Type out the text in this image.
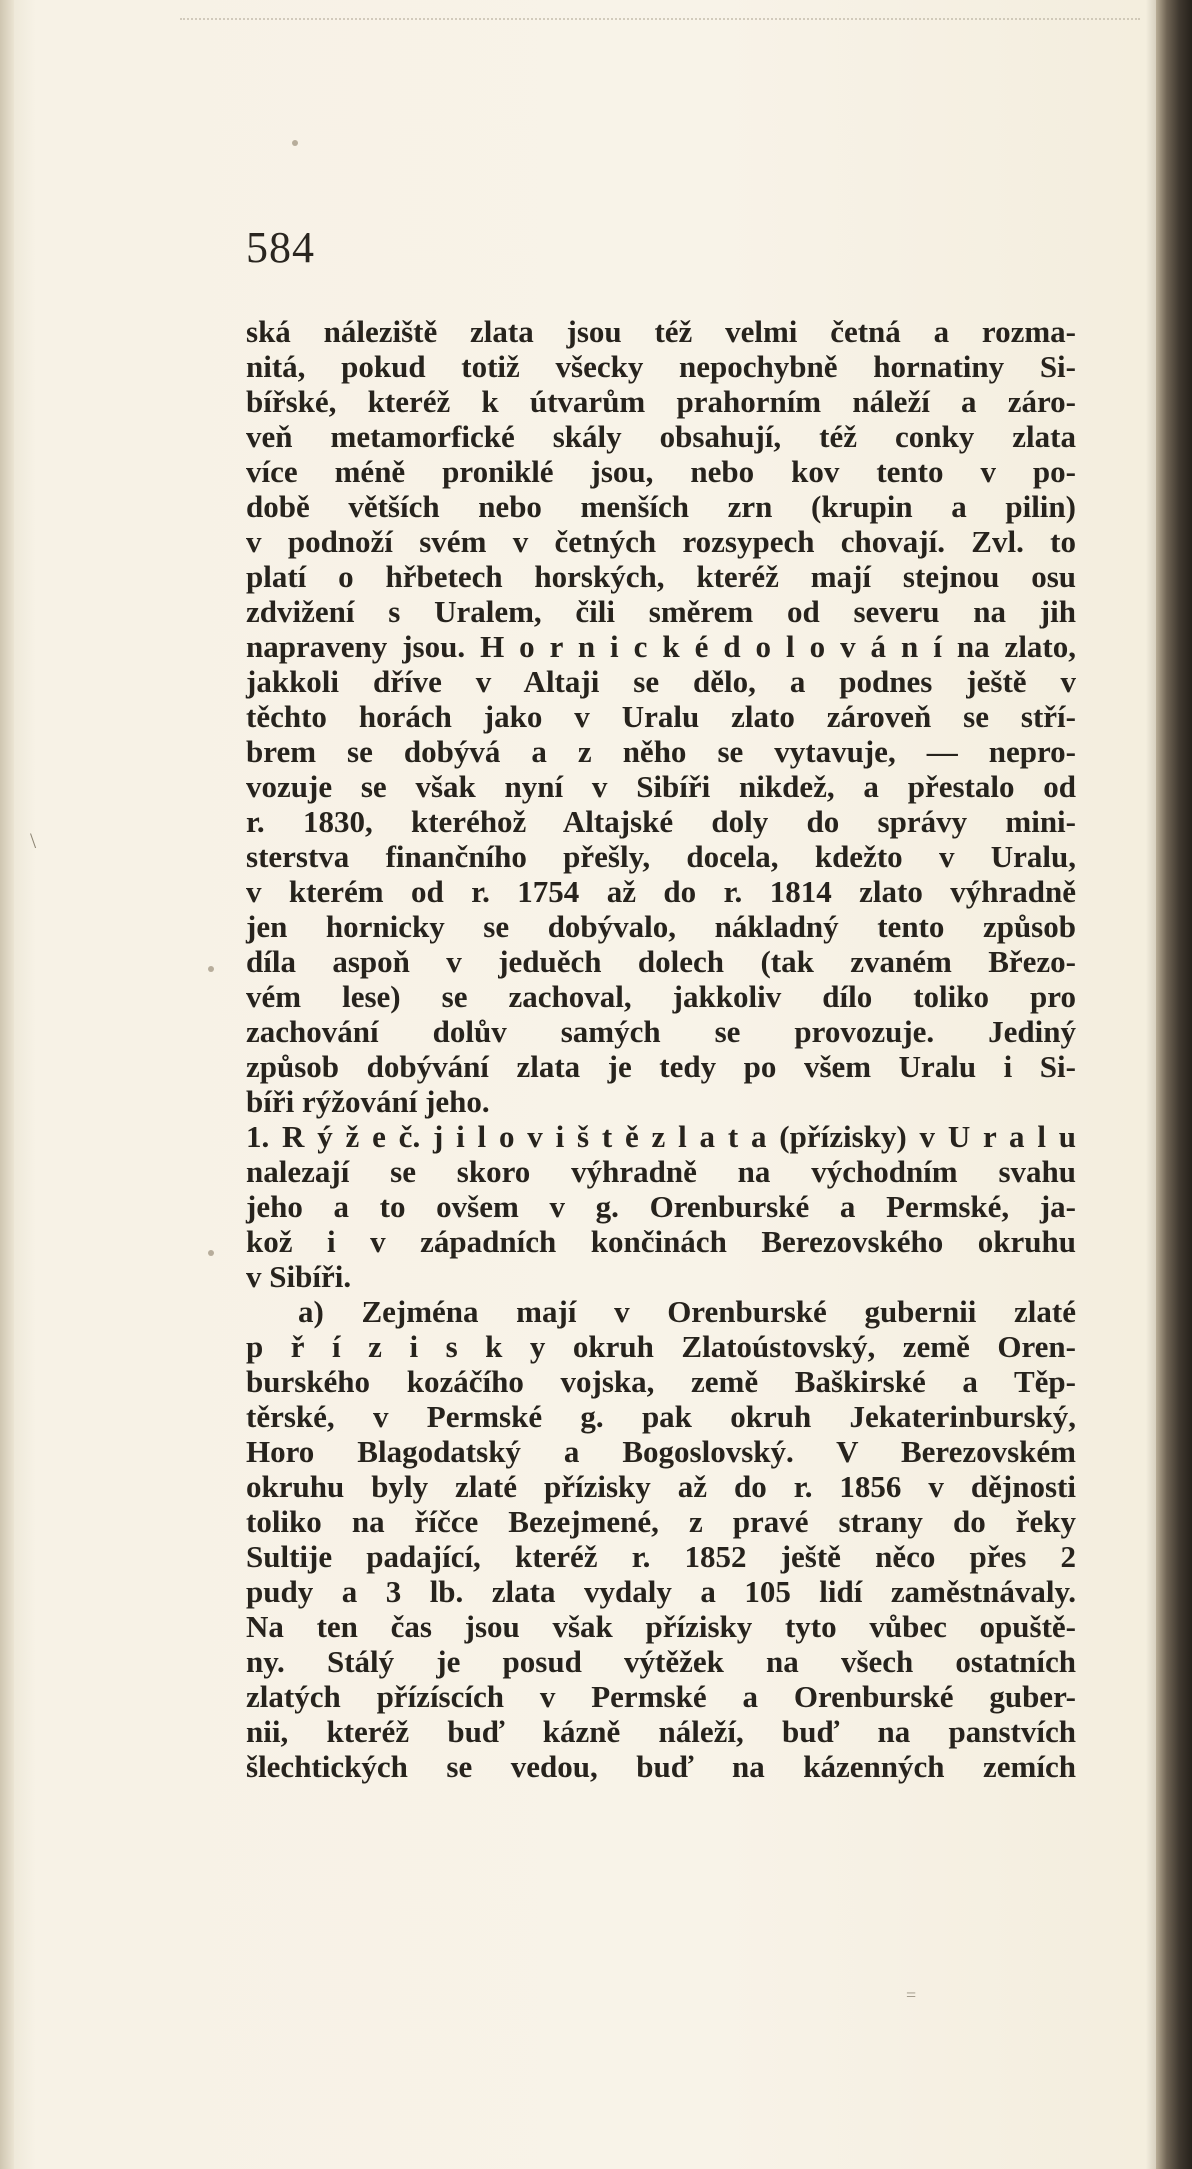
\
584
ská náleziště zlata jsou též velmi četná a rozma-
nitá, pokud totiž všecky nepochybně hornatiny Si-
bířské, kteréž k útvarům prahorním náleží a záro-
veň metamorfické skály obsahují, též conky zlata
více méně proniklé jsou, nebo kov tento v po-
době větších nebo menších zrn (krupin a pilin)
v podnoží svém v četných rozsypech chovají. Zvl. to
platí o hřbetech horských, kteréž mají stejnou osu
zdvižení s Uralem, čili směrem od severu na jih
napraveny jsou. H o r n i c k é d o l o v á n í na zlato,
jakkoli dříve v Altaji se dělo, a podnes ještě v
těchto horách jako v Uralu zlato zároveň se stří-
brem se dobývá a z něho se vytavuje, — nepro-
vozuje se však nyní v Sibíři nikdež, a přestalo od
r. 1830, kteréhož Altajské doly do správy mini-
sterstva finančního přešly, docela, kdežto v Uralu,
v kterém od r. 1754 až do r. 1814 zlato výhradně
jen hornicky se dobývalo, nákladný tento způsob
díla aspoň v jeduěch dolech (tak zvaném Březo-
vém lese) se zachoval, jakkoliv dílo toliko pro
zachování dolův samých se provozuje. Jediný
způsob dobývání zlata je tedy po všem Uralu i Si-
bíři rýžování jeho.
1. R ý ž e č. j i l o v i š t ě z l a t a (přízisky) v U r a l u
nalezají se skoro výhradně na východním svahu
jeho a to ovšem v g. Orenburské a Permské, ja-
kož i v západních končinách Berezovského okruhu
v Sibíři.
a) Zejména mají v Orenburské gubernii zlaté
p ř í z i s k y okruh Zlatoústovský, země Oren-
burského kozáčího vojska, země Baškirské a Těp-
těrské, v Permské g. pak okruh Jekaterinburský,
Horo Blagodatský a Bogoslovský. V Berezovském
okruhu byly zlaté přízisky až do r. 1856 v dějnosti
toliko na říčce Bezejmené, z pravé strany do řeky
Sultije padající, kteréž r. 1852 ještě něco přes 2
pudy a 3 lb. zlata vydaly a 105 lidí zaměstnávaly.
Na ten čas jsou však přízisky tyto vůbec opuště-
ny. Stálý je posud výtěžek na všech ostatních
zlatých přízíscích v Permské a Orenburské guber-
nii, kteréž buď kázně náleží, buď na panstvích
šlechtických se vedou, buď na kázenných zemích
=
